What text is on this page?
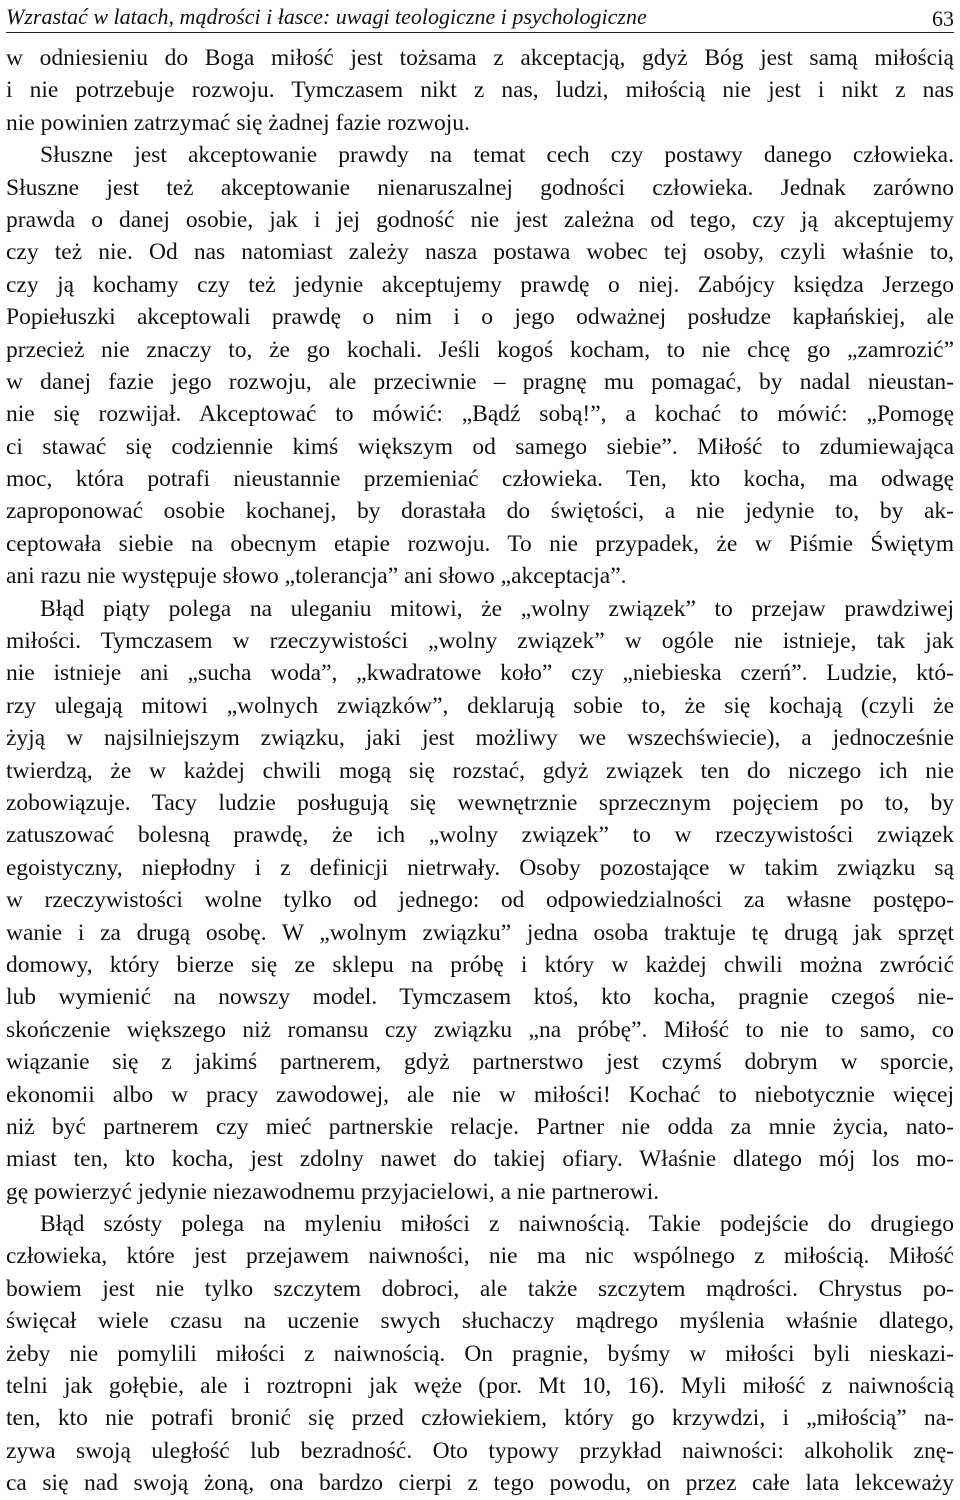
Wzrastać w latach, mądrości i łasce: uwagi teologiczne i psychologiczne	63
w odniesieniu do Boga miłość jest tożsama z akceptacją, gdyż Bóg jest samą miłością
i nie potrzebuje rozwoju. Tymczasem nikt z nas, ludzi, miłością nie jest i nikt z nas
nie powinien zatrzymać się żadnej fazie rozwoju.
Słuszne jest akceptowanie prawdy na temat cech czy postawy danego człowieka.
Słuszne jest też akceptowanie nienaruszalnej godności człowieka. Jednak zarówno
prawda o danej osobie, jak i jej godność nie jest zależna od tego, czy ją akceptujemy
czy też nie. Od nas natomiast zależy nasza postawa wobec tej osoby, czyli właśnie to,
czy ją kochamy czy też jedynie akceptujemy prawdę o niej. Zabójcy księdza Jerzego
Popiełuszki akceptowali prawdę o nim i o jego odważnej posłudze kapłańskiej, ale
przecież nie znaczy to, że go kochali. Jeśli kogoś kocham, to nie chcę go „zamrozić”
w danej fazie jego rozwoju, ale przeciwnie – pragnę mu pomagać, by nadal nieustan-
nie się rozwijał. Akceptować to mówić: „Bądź sobą!”, a kochać to mówić: „Pomogę
ci stawać się codziennie kimś większym od samego siebie”. Miłość to zdumiewająca
moc, która potrafi nieustannie przemieniać człowieka. Ten, kto kocha, ma odwagę
zaproponować osobie kochanej, by dorastała do świętości, a nie jedynie to, by ak-
ceptowała siebie na obecnym etapie rozwoju. To nie przypadek, że w Piśmie Świętym
ani razu nie występuje słowo „tolerancja” ani słowo „akceptacja”.
Błąd piąty polega na uleganiu mitowi, że „wolny związek” to przejaw prawdziwej
miłości. Tymczasem w rzeczywistości „wolny związek” w ogóle nie istnieje, tak jak
nie istnieje ani „sucha woda”, „kwadratowe koło” czy „niebieska czerń”. Ludzie, któ-
rzy ulegają mitowi „wolnych związków”, deklarują sobie to, że się kochają (czyli że
żyją w najsilniejszym związku, jaki jest możliwy we wszechświecie), a jednocześnie
twierdzą, że w każdej chwili mogą się rozstać, gdyż związek ten do niczego ich nie
zobowiązuje. Tacy ludzie posługują się wewnętrznie sprzecznym pojęciem po to, by
zatuszować bolesną prawdę, że ich „wolny związek” to w rzeczywistości związek
egoistyczny, niepłodny i z definicji nietrwały. Osoby pozostające w takim związku są
w rzeczywistości wolne tylko od jednego: od odpowiedzialności za własne postępo-
wanie i za drugą osobę. W „wolnym związku” jedna osoba traktuje tę drugą jak sprzęt
domowy, który bierze się ze sklepu na próbę i który w każdej chwili można zwrócić
lub wymienić na nowszy model. Tymczasem ktoś, kto kocha, pragnie czegoś nie-
skończenie większego niż romansu czy związku „na próbę”. Miłość to nie to samo, co
wiązanie się z jakimś partnerem, gdyż partnerstwo jest czymś dobrym w sporcie,
ekonomii albo w pracy zawodowej, ale nie w miłości! Kochać to niebotycznie więcej
niż być partnerem czy mieć partnerskie relacje. Partner nie odda za mnie życia, nato-
miast ten, kto kocha, jest zdolny nawet do takiej ofiary. Właśnie dlatego mój los mo-
gę powierzyć jedynie niezawodnemu przyjacielowi, a nie partnerowi.
Błąd szósty polega na myleniu miłości z naiwnością. Takie podejście do drugiego
człowieka, które jest przejawem naiwności, nie ma nic wspólnego z miłością. Miłość
bowiem jest nie tylko szczytem dobroci, ale także szczytem mądrości. Chrystus po-
święcał wiele czasu na uczenie swych słuchaczy mądrego myślenia właśnie dlatego,
żeby nie pomylili miłości z naiwnością. On pragnie, byśmy w miłości byli nieskazi-
telni jak gołębie, ale i roztropni jak węże (por. Mt 10, 16). Myli miłość z naiwnością
ten, kto nie potrafi bronić się przed człowiekiem, który go krzywdzi, i „miłością” na-
zywa swoją uległość lub bezradność. Oto typowy przykład naiwności: alkoholik znę-
ca się nad swoją żoną, ona bardzo cierpi z tego powodu, on przez całe lata lekceważy
